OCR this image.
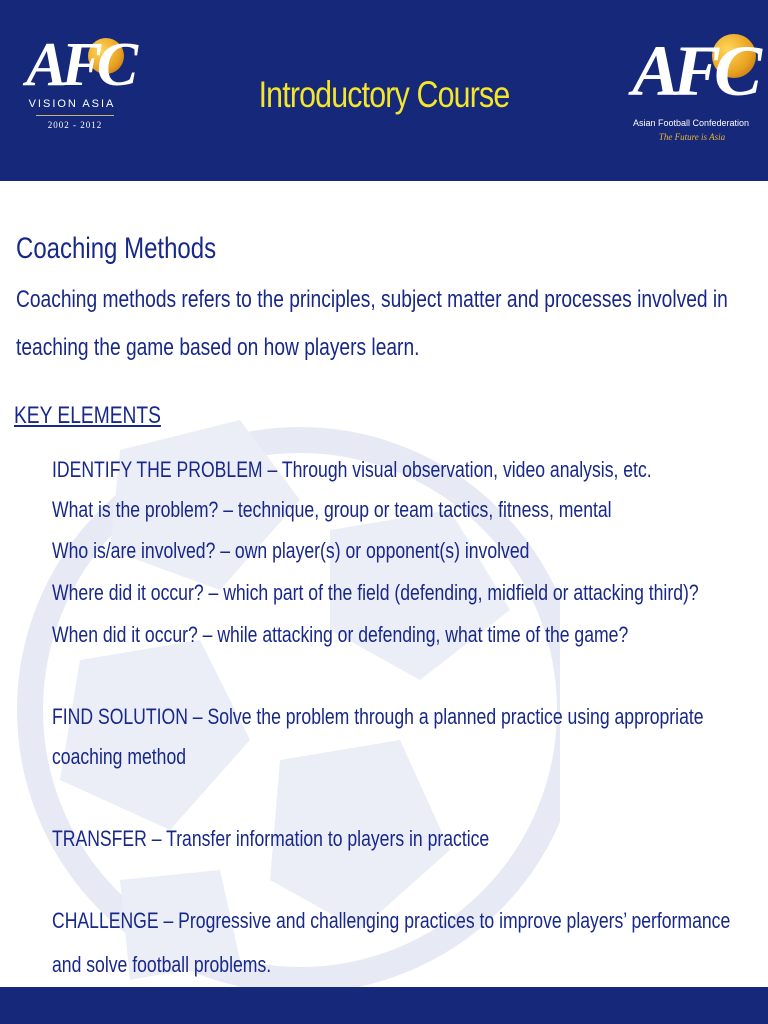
AFC
VISION ASIA
2002 - 2012
Introductory Course	AFC
Asian Football Confederation
The Future is Asia
Coaching Methods
Coaching methods refers to the principles, subject matter and processes involved in
teaching the game based on how players learn.
KEY ELEMENTS
IDENTIFY THE PROBLEM – Through visual observation, video analysis, etc.
What is the problem? – technique, group or team tactics, fitness, mental
Who is/are involved? – own player(s) or opponent(s) involved
Where did it occur? – which part of the field (defending, midfield or attacking third)?
When did it occur? – while attacking or defending, what time of the game?
FIND SOLUTION – Solve the problem through a planned practice using appropriate
coaching method
TRANSFER – Transfer information to players in practice
CHALLENGE – Progressive and challenging practices to improve players’ performance
and solve football problems.
